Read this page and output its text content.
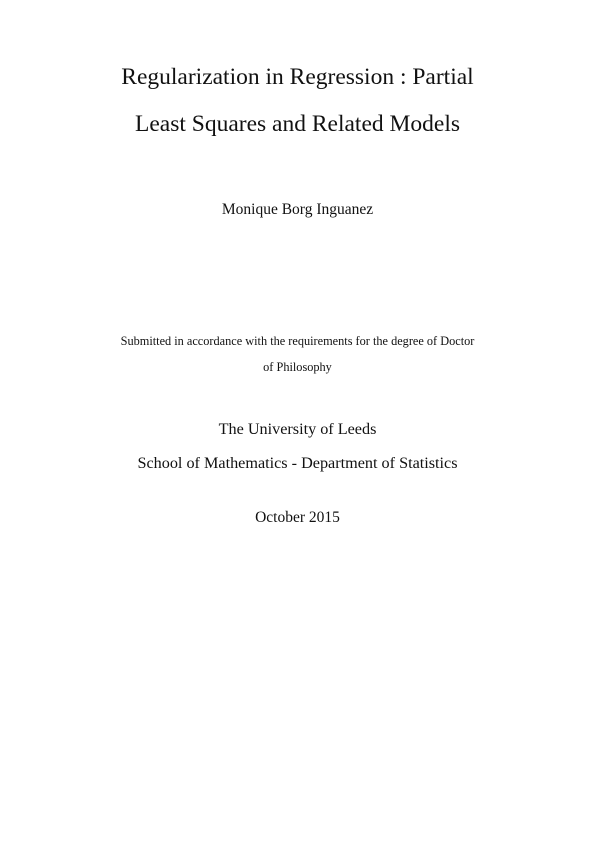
Regularization in Regression : Partial
Least Squares and Related Models
Monique Borg Inguanez
Submitted in accordance with the requirements for the degree of Doctor
of Philosophy
The University of Leeds
School of Mathematics - Department of Statistics
October 2015
